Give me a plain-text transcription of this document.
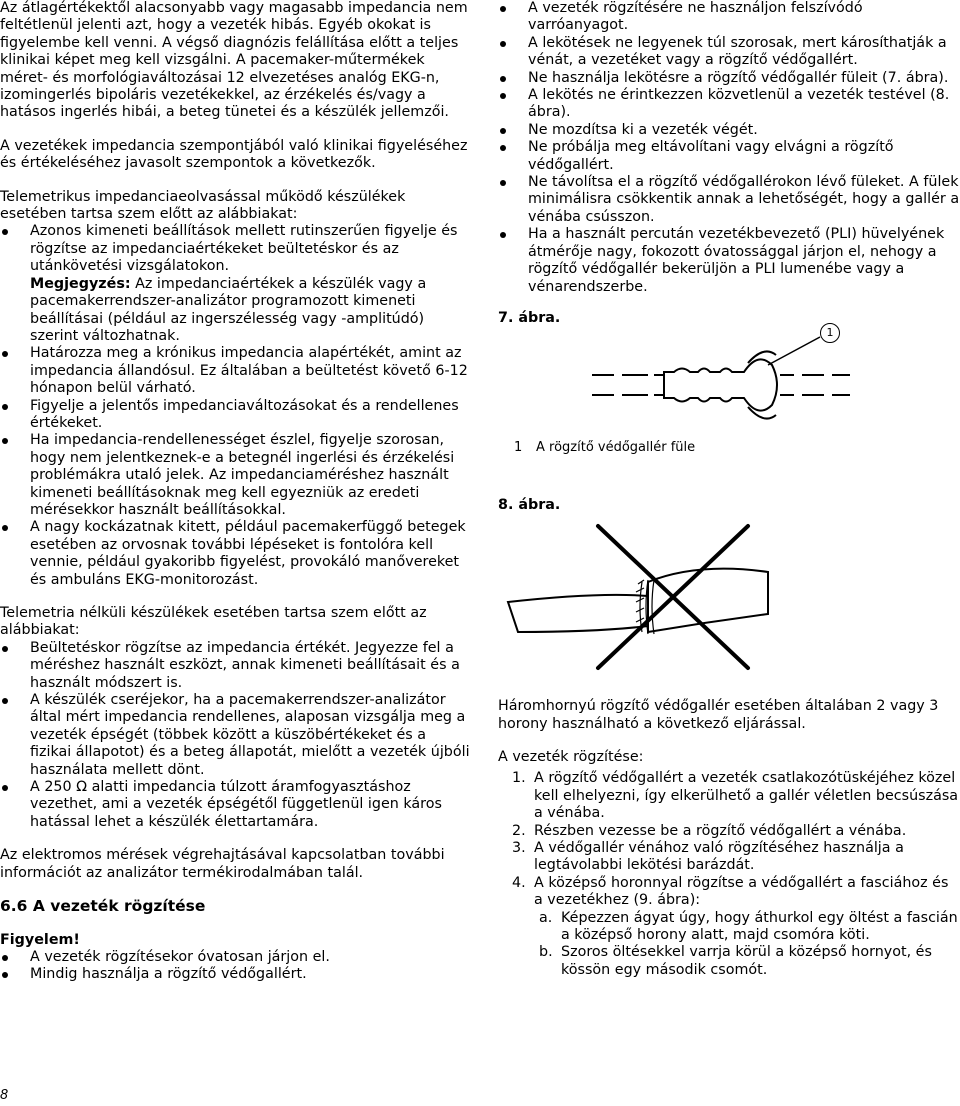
Az átlagértékektől alacsonyabb vagy magasabb impedancia nem feltétlenül jelenti azt, hogy a vezeték hibás. Egyéb okokat is figyelembe kell venni. A végső diagnózis felállítása előtt a teljes klinikai képet meg kell vizsgálni. A pacemaker-műtermékek méret- és morfológiaváltozásai 12 elvezetéses analóg EKG-n, izomingerlés bipoláris vezetékekkel, az érzékelés és/vagy a hatásos ingerlés hibái, a beteg tünetei és a készülék jellemzői.

A vezetékek impedancia szempontjából való klinikai figyeléséhez és értékeléséhez javasolt szempontok a következők.

Telemetrikus impedanciaeolvasással működő készülékek esetében tartsa szem előtt az alábbiakat:

Azonos kimeneti beállítások mellett rutinszerűen figyelje és rögzítse az impedanciaértékeket beültetéskor és az utánkövetési vizsgálatokon.
Megjegyzés: Az impedanciaértékek a készülék vagy a pacemakerrendszer-analizátor programozott kimeneti beállításai (például az ingerszélesség vagy -amplitúdó) szerint változhatnak.
Határozza meg a krónikus impedancia alapértékét, amint az impedancia állandósul. Ez általában a beültetést követő 6-12 hónapon belül várható.
Figyelje a jelentős impedanciaváltozásokat és a rendellenes értékeket.
Ha impedancia-rendellenességet észlel, figyelje szorosan, hogy nem jelentkeznek-e a betegnél ingerlési és érzékelési problémákra utaló jelek. Az impedanciaméréshez használt kimeneti beállításoknak meg kell egyezniük az eredeti mérésekkor használt beállításokkal.
A nagy kockázatnak kitett, például pacemakerfüggő betegek esetében az orvosnak további lépéseket is fontolóra kell vennie, például gyakoribb figyelést, provokáló manővereket és ambuláns EKG-monitorozást.

Telemetria nélküli készülékek esetében tartsa szem előtt az alábbiakat:

Beültetéskor rögzítse az impedancia értékét. Jegyezze fel a méréshez használt eszközt, annak kimeneti beállításait és a használt módszert is.
A készülék cseréjekor, ha a pacemakerrendszer-analizátor által mért impedancia rendellenes, alaposan vizsgálja meg a vezeték épségét (többek között a küszöbértékeket és a fizikai állapotot) és a beteg állapotát, mielőtt a vezeték újbóli használata mellett dönt.
A 250 Ω alatti impedancia túlzott áramfogyasztáshoz vezethet, ami a vezeték épségétől függetlenül igen káros hatással lehet a készülék élettartamára.

Az elektromos mérések végrehajtásával kapcsolatban további információt az analizátor termékirodalmában talál.

6.6 A vezeték rögzítése

Figyelem!

A vezeték rögzítésekor óvatosan járjon el.
Mindig használja a rögzítő védőgallért.
A vezeték rögzítésére ne használjon felszívódó varróanyagot.
A lekötések ne legyenek túl szorosak, mert károsíthatják a vénát, a vezetéket vagy a rögzítő védőgallért.
Ne használja lekötésre a rögzítő védőgallér füleit (7. ábra).
A lekötés ne érintkezzen közvetlenül a vezeték testével (8. ábra).
Ne mozdítsa ki a vezeték végét.
Ne próbálja meg eltávolítani vagy elvágni a rögzítő védőgallért.
Ne távolítsa el a rögzítő védőgallérokon lévő füleket. A fülek minimálisra csökkentik annak a lehetőségét, hogy a gallér a vénába csússzon.
Ha a használt percután vezetékbevezető (PLI) hüvelyének átmérője nagy, fokozott óvatossággal járjon el, nehogy a rögzítő védőgallér bekerüljön a PLI lumenébe vagy a vénarendszerbe.

7. ábra.

1

1 A rögzítő védőgallér füle

8. ábra.

Háromhornyú rögzítő védőgallér esetében általában 2 vagy 3 horony használható a következő eljárással.

A vezeték rögzítése:

1. A rögzítő védőgallért a vezeték csatlakozótüskéjéhez közel kell elhelyezni, így elkerülhető a gallér véletlen becsúszása a vénába.
2. Részben vezesse be a rögzítő védőgallért a vénába.
3. A védőgallér vénához való rögzítéséhez használja a legtávolabbi lekötési barázdát.
4. A középső horonnyal rögzítse a védőgallért a fasciához és a vezetékhez (9. ábra):
a. Képezzen ágyat úgy, hogy áthurkol egy öltést a fascián a középső horony alatt, majd csomóra köti.
b. Szoros öltésekkel varrja körül a középső hornyot, és kössön egy második csomót.
8
